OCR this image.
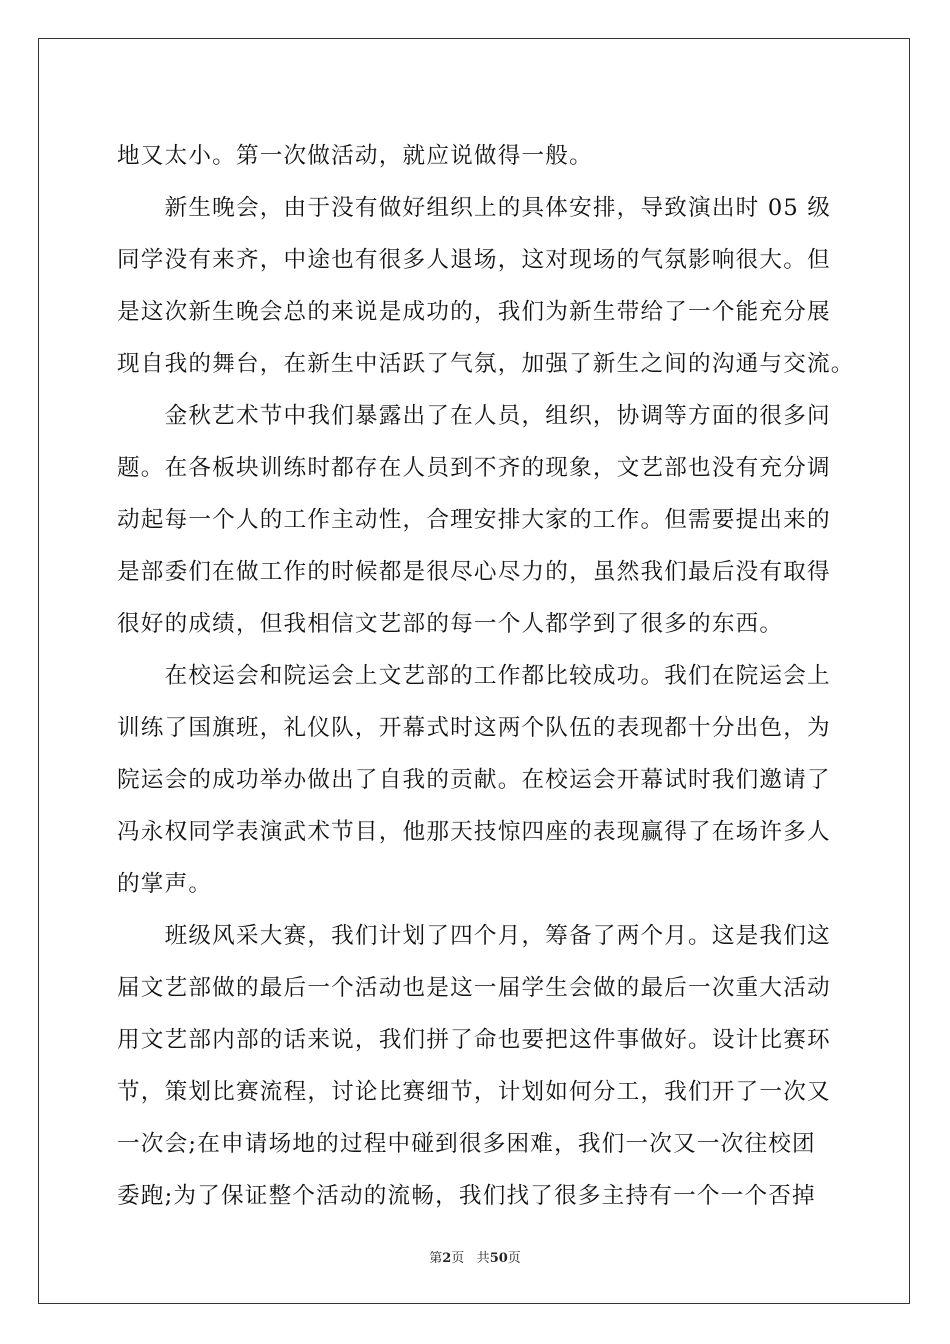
地又太小。第一次做活动，就应说做得一般。
　　新生晚会，由于没有做好组织上的具体安排，导致演出时 05 级
同学没有来齐，中途也有很多人退场，这对现场的气氛影响很大。但
是这次新生晚会总的来说是成功的，我们为新生带给了一个能充分展
现自我的舞台，在新生中活跃了气氛，加强了新生之间的沟通与交流。
　　金秋艺术节中我们暴露出了在人员，组织，协调等方面的很多问
题。在各板块训练时都存在人员到不齐的现象，文艺部也没有充分调
动起每一个人的工作主动性，合理安排大家的工作。但需要提出来的
是部委们在做工作的时候都是很尽心尽力的，虽然我们最后没有取得
很好的成绩，但我相信文艺部的每一个人都学到了很多的东西。
　　在校运会和院运会上文艺部的工作都比较成功。我们在院运会上
训练了国旗班，礼仪队，开幕式时这两个队伍的表现都十分出色，为
院运会的成功举办做出了自我的贡献。在校运会开幕试时我们邀请了
冯永权同学表演武术节目，他那天技惊四座的表现赢得了在场许多人
的掌声。
　　班级风采大赛，我们计划了四个月，筹备了两个月。这是我们这
届文艺部做的最后一个活动也是这一届学生会做的最后一次重大活动
用文艺部内部的话来说，我们拼了命也要把这件事做好。设计比赛环
节，策划比赛流程，讨论比赛细节，计划如何分工，我们开了一次又
一次会;在申请场地的过程中碰到很多困难，我们一次又一次往校团
委跑;为了保证整个活动的流畅，我们找了很多主持有一个一个否掉
第2页 共50页
